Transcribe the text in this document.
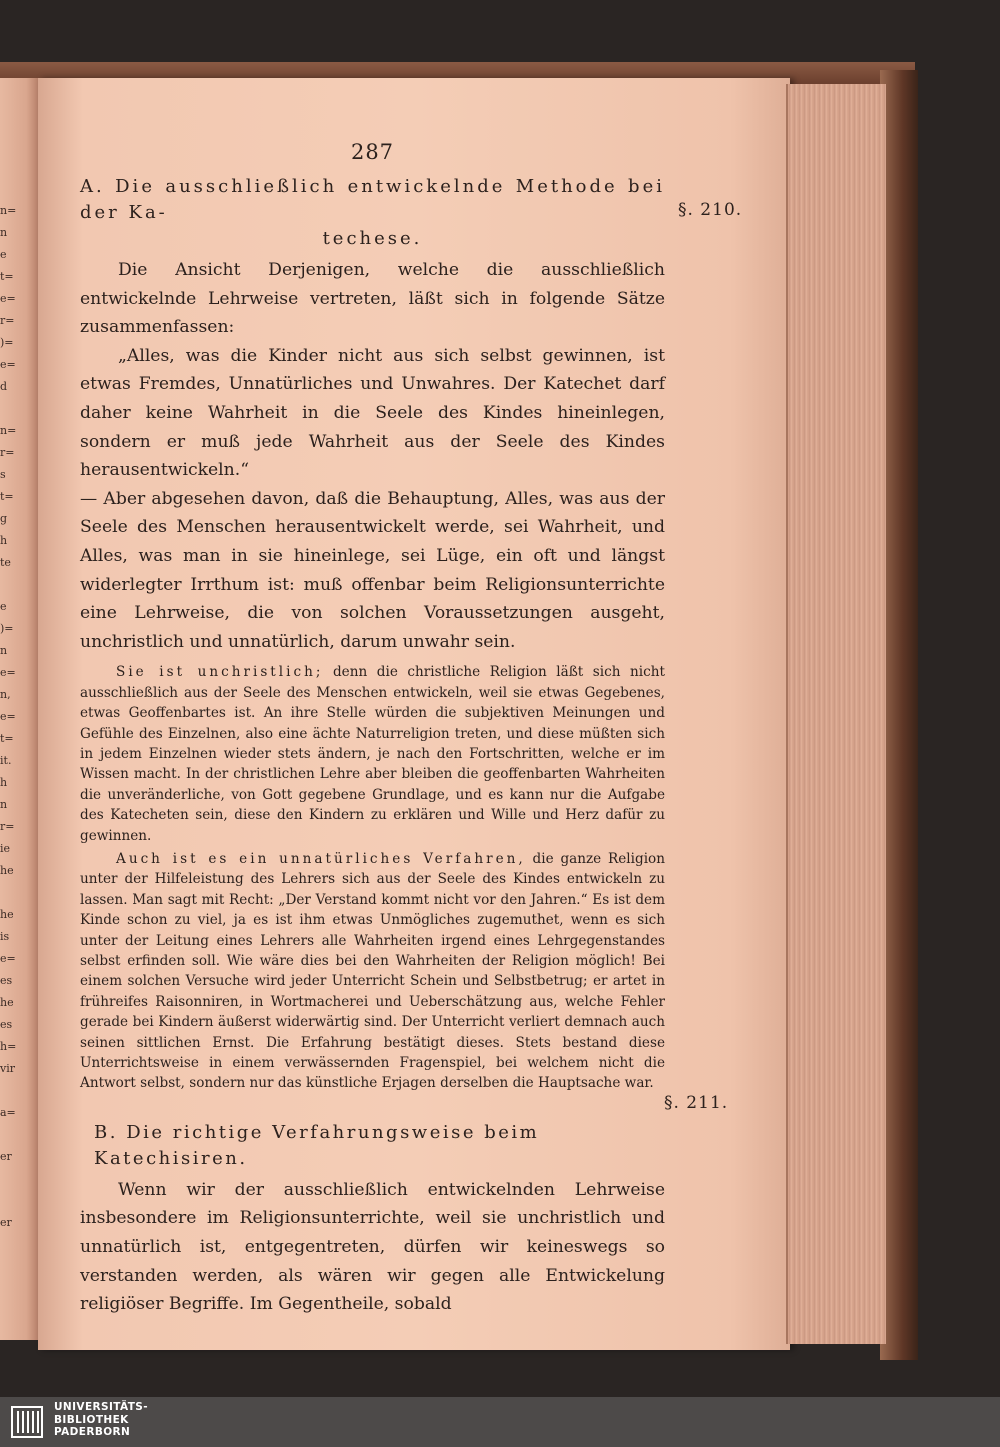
n=
n
e
t=
e=
r=
)=
e=
d
n=
r=
s
t=
g
h
te
e
)=
n
e=
n,
e=
t=
it.
h
n
r=
ie
he
he
is
e=
es
he
es
h=
vir
a=
er
er
287
A. Die ausschließlich entwickelnde Methode bei der Ka-
techese.

Die Ansicht Derjenigen, welche die ausschließlich entwickelnde Lehrweise vertreten, läßt sich in folgende Sätze zusammenfassen:

„Alles, was die Kinder nicht aus sich selbst gewinnen, ist etwas Fremdes, Unnatürliches und Unwahres. Der Katechet darf daher keine Wahrheit in die Seele des Kindes hineinlegen, sondern er muß jede Wahrheit aus der Seele des Kindes herausentwickeln.“

— Aber abgesehen davon, daß die Behauptung, Alles, was aus der Seele des Menschen herausentwickelt werde, sei Wahrheit, und Alles, was man in sie hineinlege, sei Lüge, ein oft und längst widerlegter Irrthum ist: muß offenbar beim Religionsunterrichte eine Lehrweise, die von solchen Voraussetzungen ausgeht, unchristlich und unnatürlich, darum unwahr sein.

Sie ist unchristlich; denn die christliche Religion läßt sich nicht ausschließlich aus der Seele des Menschen entwickeln, weil sie etwas Gegebenes, etwas Geoffenbartes ist. An ihre Stelle würden die subjektiven Meinungen und Gefühle des Einzelnen, also eine ächte Naturreligion treten, und diese müßten sich in jedem Einzelnen wieder stets ändern, je nach den Fortschritten, welche er im Wissen macht. In der christlichen Lehre aber bleiben die geoffenbarten Wahrheiten die unveränderliche, von Gott gegebene Grundlage, und es kann nur die Aufgabe des Katecheten sein, diese den Kindern zu erklären und Wille und Herz dafür zu gewinnen.

Auch ist es ein unnatürliches Verfahren, die ganze Religion unter der Hilfeleistung des Lehrers sich aus der Seele des Kindes entwickeln zu lassen. Man sagt mit Recht: „Der Verstand kommt nicht vor den Jahren.“ Es ist dem Kinde schon zu viel, ja es ist ihm etwas Unmögliches zugemuthet, wenn es sich unter der Leitung eines Lehrers alle Wahrheiten irgend eines Lehrgegenstandes selbst erfinden soll. Wie wäre dies bei den Wahrheiten der Religion möglich! Bei einem solchen Versuche wird jeder Unterricht Schein und Selbstbetrug; er artet in frühreifes Raisonniren, in Wortmacherei und Ueberschätzung aus, welche Fehler gerade bei Kindern äußerst widerwärtig sind. Der Unterricht verliert demnach auch seinen sittlichen Ernst. Die Erfahrung bestätigt dieses. Stets bestand diese Unterrichtsweise in einem verwässernden Fragenspiel, bei welchem nicht die Antwort selbst, sondern nur das künstliche Erjagen derselben die Hauptsache war.

B. Die richtige Verfahrungsweise beim Katechisiren.

Wenn wir der ausschließlich entwickelnden Lehrweise insbesondere im Religionsunterrichte, weil sie unchristlich und unnatürlich ist, entgegentreten, dürfen wir keineswegs so verstanden werden, als wären wir gegen alle Entwickelung religiöser Begriffe. Im Gegentheile, sobald

§. 210.
§. 211.
UNIVERSITÄTS-
BIBLIOTHEK
PADERBORN
